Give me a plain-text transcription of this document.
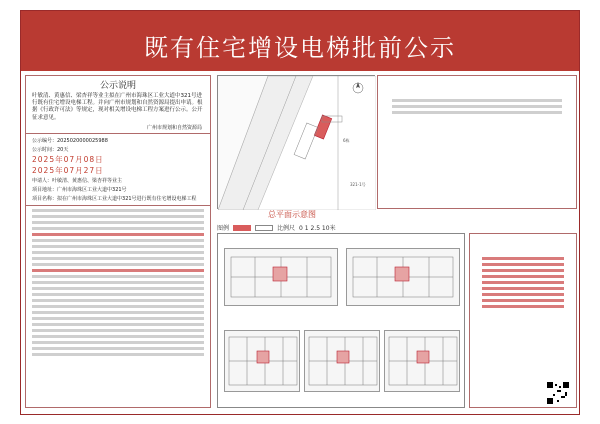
既有住宅增设电梯批前公示
公示说明
叶敏清、黄惠信、梁杏祥等业主拟在广州市海珠区工业大道中321号进行既有住宅增设电梯工程。并向广州市规划和自然资源局提出申请。根据《行政许可法》等规定，现对相关增设电梯工程方案进行公示。公开征求意见。
广州市规划和自然资源局
公示编号：2025020000025988
公示时间：20天
2025年07月08日
2025年07月27日
申请人：叶敏清、黄惠信、梁杏祥等业主
项目地址：广州市海珠区工业大道中321号
项目名称：拟在广州市海珠区工业大道中321号进行既有住宅增设电梯工程
6栋
321-1号
总平面示意图
图例	比例尺 0 1 2.5 10米
